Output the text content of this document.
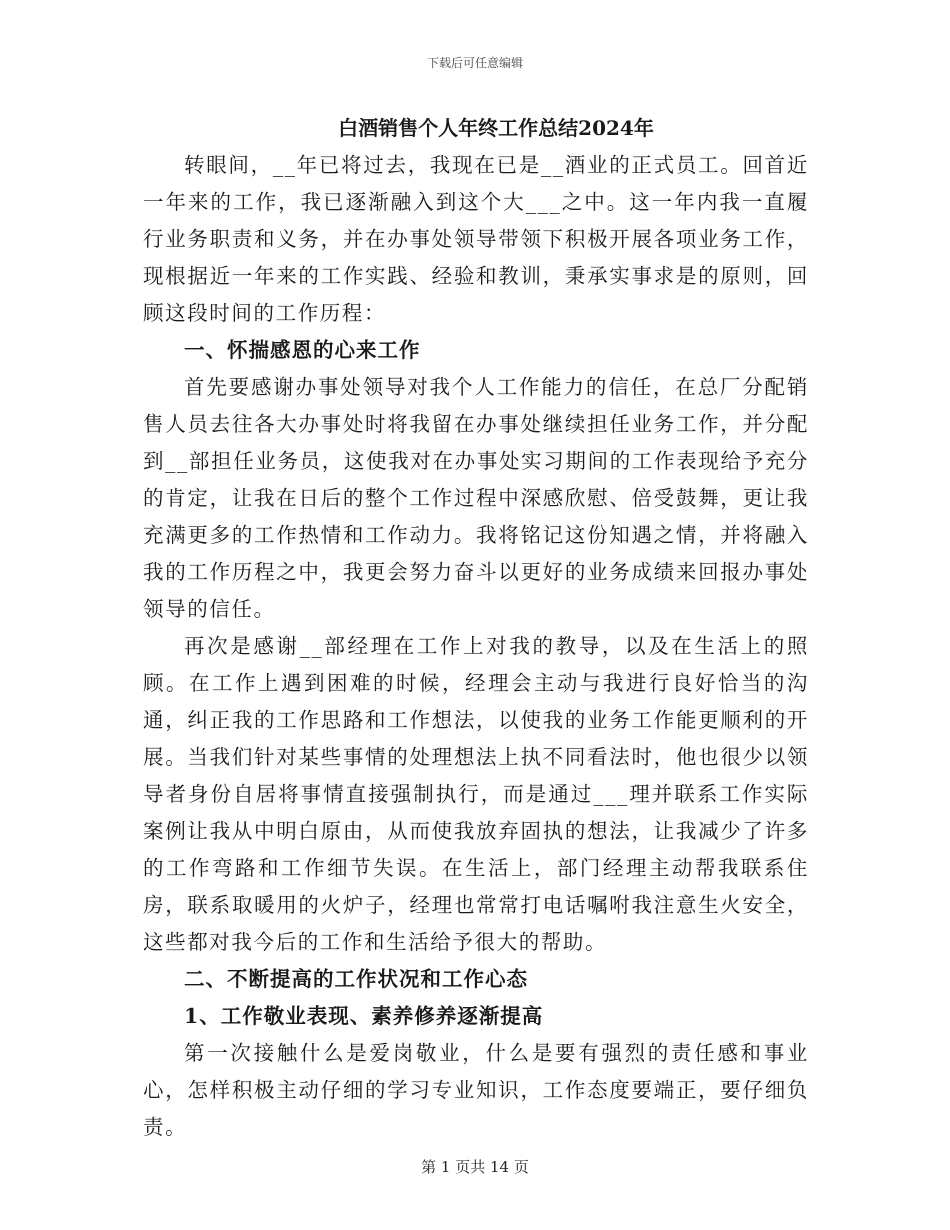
下载后可任意编辑
白酒销售个人年终工作总结2024年

转眼间，__年已将过去，我现在已是__酒业的正式员工。回首近一年来的工作，我已逐渐融入到这个大___之中。这一年内我一直履行业务职责和义务，并在办事处领导带领下积极开展各项业务工作，现根据近一年来的工作实践、经验和教训，秉承实事求是的原则，回顾这段时间的工作历程：

一、怀揣感恩的心来工作

首先要感谢办事处领导对我个人工作能力的信任，在总厂分配销售人员去往各大办事处时将我留在办事处继续担任业务工作，并分配到__部担任业务员，这使我对在办事处实习期间的工作表现给予充分的肯定，让我在日后的整个工作过程中深感欣慰、倍受鼓舞，更让我充满更多的工作热情和工作动力。我将铭记这份知遇之情，并将融入我的工作历程之中，我更会努力奋斗以更好的业务成绩来回报办事处领导的信任。

再次是感谢__部经理在工作上对我的教导，以及在生活上的照顾。在工作上遇到困难的时候，经理会主动与我进行良好恰当的沟通，纠正我的工作思路和工作想法，以使我的业务工作能更顺利的开展。当我们针对某些事情的处理想法上执不同看法时，他也很少以领导者身份自居将事情直接强制执行，而是通过___理并联系工作实际案例让我从中明白原由，从而使我放弃固执的想法，让我减少了许多的工作弯路和工作细节失误。在生活上，部门经理主动帮我联系住房，联系取暖用的火炉子，经理也常常打电话嘱咐我注意生火安全，这些都对我今后的工作和生活给予很大的帮助。

二、不断提高的工作状况和工作心态

1、工作敬业表现、素养修养逐渐提高

第一次接触什么是爱岗敬业，什么是要有强烈的责任感和事业心，怎样积极主动仔细的学习专业知识，工作态度要端正，要仔细负责。

第 1 页共 14 页
